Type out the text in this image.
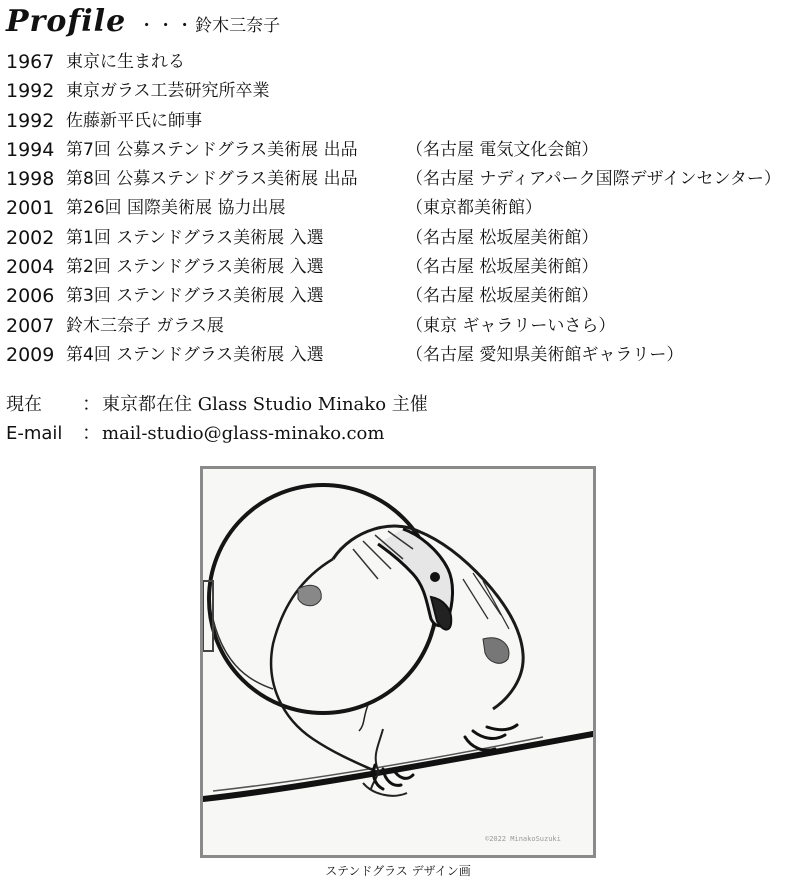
Profile ・・・ 鈴木三奈子
1967 東京に生まれる
1992 東京ガラス工芸研究所卒業
1992 佐藤新平氏に師事
1994 第7回 公募ステンドグラス美術展 出品	（名古屋 電気文化会館）
1998 第8回 公募ステンドグラス美術展 出品	（名古屋 ナディアパーク国際デザインセンター）
2001 第26回 国際美術展 協力出展	（東京都美術館）
2002 第1回 ステンドグラス美術展 入選	（名古屋 松坂屋美術館）
2004 第2回 ステンドグラス美術展 入選	（名古屋 松坂屋美術館）
2006 第3回 ステンドグラス美術展 入選	（名古屋 松坂屋美術館）
2007 鈴木三奈子 ガラス展	（東京 ギャラリーいさら）
2009 第4回 ステンドグラス美術展 入選	（名古屋 愛知県美術館ギャラリー）
現在 ： 東京都在住 Glass Studio Minako 主催
E-mail ： mail-studio@glass-minako.com
©2022 MinakoSuzuki
ステンドグラス デザイン画
